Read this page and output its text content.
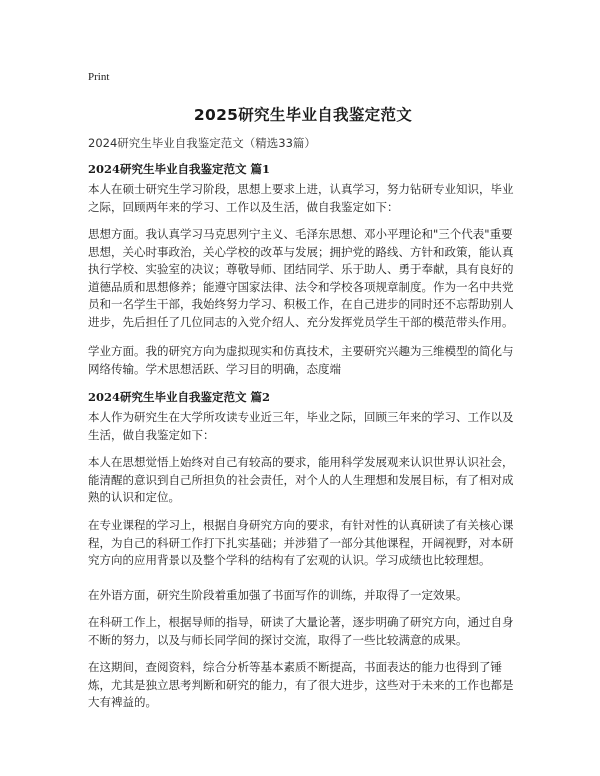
Print
2025研究生毕业自我鉴定范文
2024研究生毕业自我鉴定范文（精选33篇）
2024研究生毕业自我鉴定范文 篇1

本人在硕士研究生学习阶段，思想上要求上进，认真学习，努力钻研专业知识，毕业之际，回顾两年来的学习、工作以及生活，做自我鉴定如下：

思想方面。我认真学习马克思列宁主义、毛泽东思想、邓小平理论和"三个代表"重要思想，关心时事政治，关心学校的改革与发展；拥护党的路线、方针和政策，能认真执行学校、实验室的决议；尊敬导师、团结同学、乐于助人、勇于奉献，具有良好的道德品质和思想修养；能遵守国家法律、法令和学校各项规章制度。作为一名中共党员和一名学生干部，我始终努力学习、积极工作，在自己进步的同时还不忘帮助别人进步，先后担任了几位同志的入党介绍人、充分发挥党员学生干部的模范带头作用。

学业方面。我的研究方向为虚拟现实和仿真技术，主要研究兴趣为三维模型的简化与网络传输。学术思想活跃、学习目的明确，态度端

2024研究生毕业自我鉴定范文 篇2

本人作为研究生在大学所攻读专业近三年，毕业之际，回顾三年来的学习、工作以及生活，做自我鉴定如下：

本人在思想觉悟上始终对自己有较高的要求，能用科学发展观来认识世界认识社会，能清醒的意识到自己所担负的社会责任，对个人的人生理想和发展目标，有了相对成熟的认识和定位。

在专业课程的学习上，根据自身研究方向的要求，有针对性的认真研读了有关核心课程，为自己的科研工作打下扎实基础；并涉猎了一部分其他课程，开阔视野，对本研究方向的应用背景以及整个学科的结构有了宏观的认识。学习成绩也比较理想。

在外语方面，研究生阶段着重加强了书面写作的训练，并取得了一定效果。

在科研工作上，根据导师的指导，研读了大量论著，逐步明确了研究方向，通过自身不断的努力，以及与师长同学间的探讨交流，取得了一些比较满意的成果。

在这期间，查阅资料，综合分析等基本素质不断提高，书面表达的能力也得到了锤炼，尤其是独立思考判断和研究的能力，有了很大进步，这些对于未来的工作也都是大有裨益的。
